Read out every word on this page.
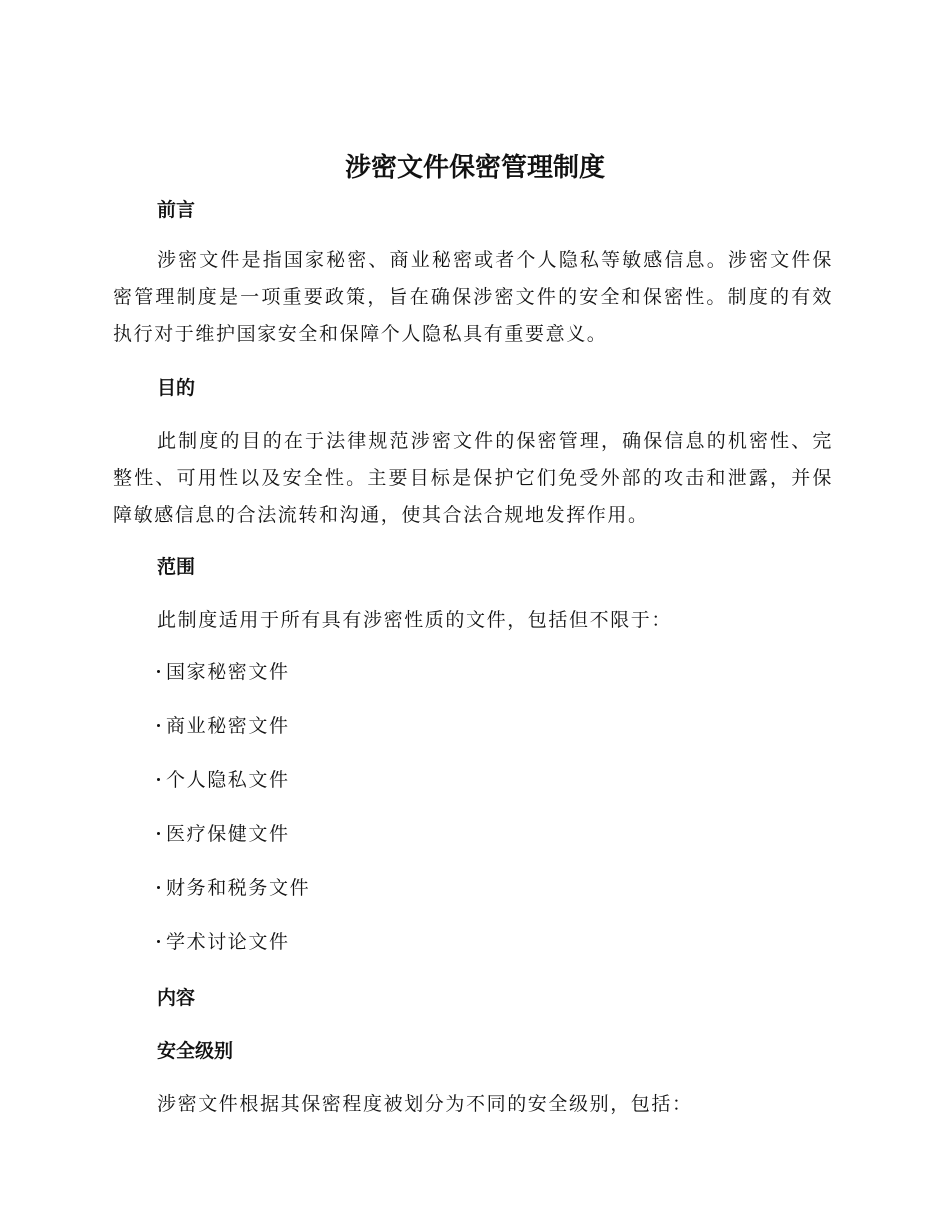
涉密文件保密管理制度
前言
涉密文件是指国家秘密、商业秘密或者个人隐私等敏感信息。涉密文件保密管理制度是一项重要政策，旨在确保涉密文件的安全和保密性。制度的有效执行对于维护国家安全和保障个人隐私具有重要意义。
目的
此制度的目的在于法律规范涉密文件的保密管理，确保信息的机密性、完整性、可用性以及安全性。主要目标是保护它们免受外部的攻击和泄露，并保障敏感信息的合法流转和沟通，使其合法合规地发挥作用。
范围
此制度适用于所有具有涉密性质的文件，包括但不限于：
国家秘密文件
商业秘密文件
个人隐私文件
医疗保健文件
财务和税务文件
学术讨论文件
内容
安全级别
涉密文件根据其保密程度被划分为不同的安全级别，包括：
